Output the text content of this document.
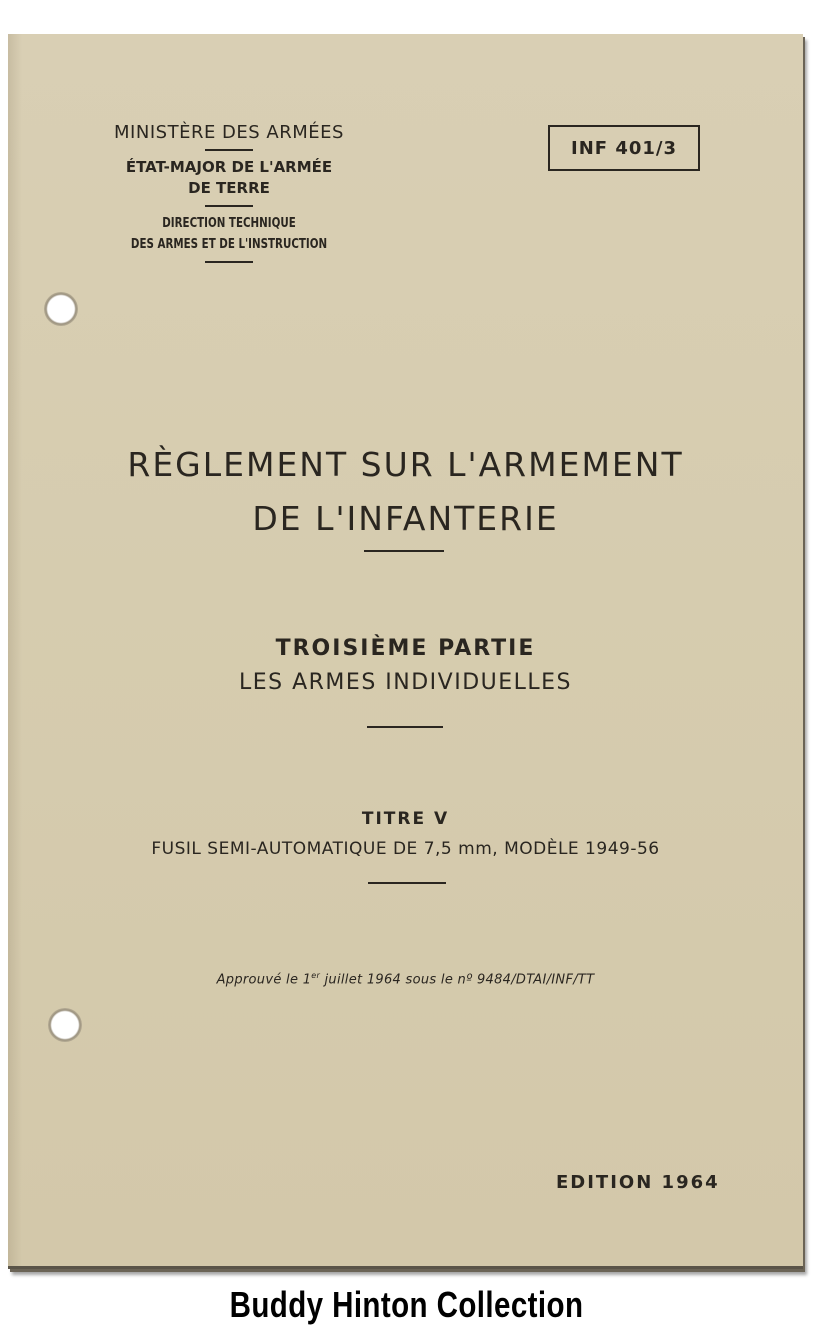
MINISTÈRE DES ARMÉES
ÉTAT-MAJOR DE L'ARMÉE
DE TERRE
DIRECTION TECHNIQUE
DES ARMES ET DE L'INSTRUCTION
INF 401/3
RÈGLEMENT SUR L'ARMEMENT
DE L'INFANTERIE
TROISIÈME PARTIE
LES ARMES INDIVIDUELLES
TITRE V
FUSIL SEMI-AUTOMATIQUE DE 7,5 mm, MODÈLE 1949-56
Approuvé le 1er juillet 1964 sous le nº 9484/DTAI/INF/TT
EDITION 1964
Buddy Hinton Collection
